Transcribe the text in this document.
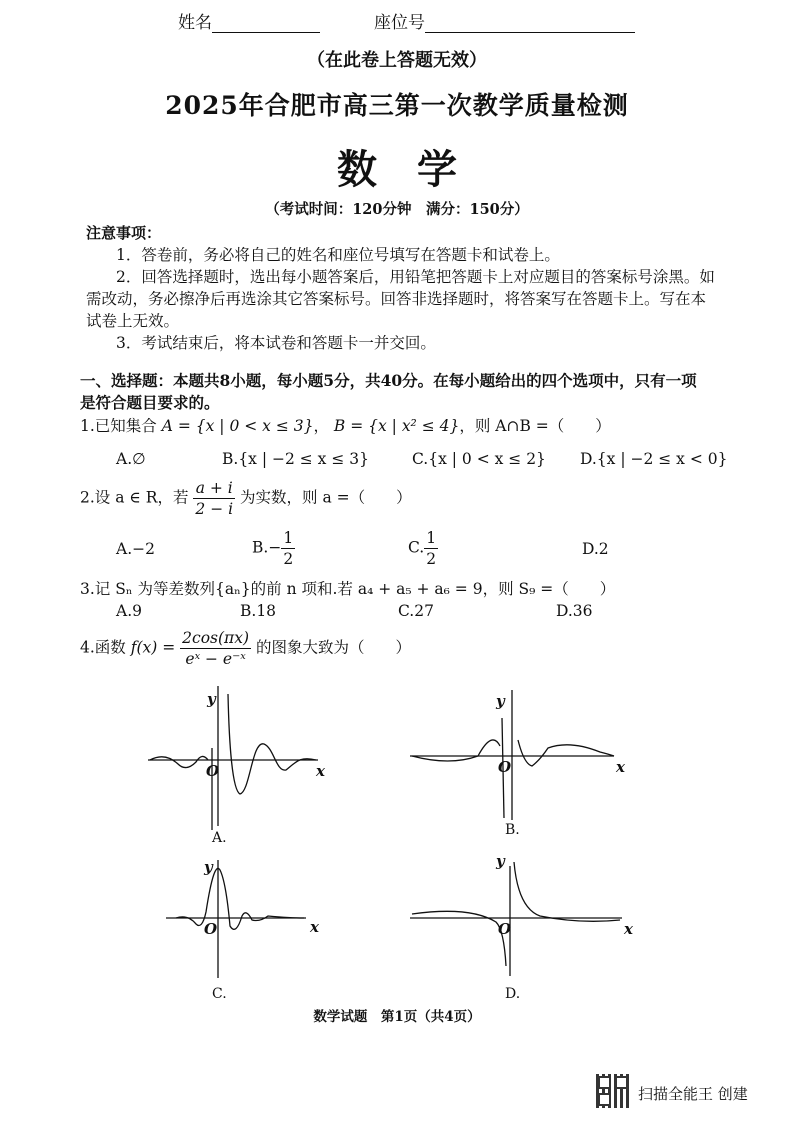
姓名	座位号
（在此卷上答题无效）
2025年合肥市高三第一次教学质量检测
数学
（考试时间：120分钟　满分：150分）
注意事项：
1．答卷前，务必将自己的姓名和座位号填写在答题卡和试卷上。
2．回答选择题时，选出每小题答案后，用铅笔把答题卡上对应题目的答案标号涂黑。如
需改动，务必擦净后再选涂其它答案标号。回答非选择题时，将答案写在答题卡上。写在本
试卷上无效。
3．考试结束后，将本试卷和答题卡一并交回。
一、选择题：本题共8小题，每小题5分，共40分。在每小题给出的四个选项中，只有一项
是符合题目要求的。
1.已知集合 A = {x | 0 < x ≤ 3}， B = {x | x² ≤ 4}，则 A∩B =（　　）
A.∅	B.{x | −2 ≤ x ≤ 3}	C.{x | 0 < x ≤ 2} D.{x | −2 ≤ x < 0}
2.设 a ∈ R，若 $\frac{a + i}{2 - i}$ 为实数，则 a =（　　）
A.−2	$B.- \frac{1}{2}$	C. $\frac{1}{2}$	D.2
3.记 Sₙ 为等差数列{aₙ}的前 n 项和.若 a₄ + a₅ + a₆ = 9，则 S₉ =（　　）
A.9	B.18	C.27	D.36
4.函数 $f(x) = \frac{2\cos(\pi x)}{\text{eˣ − e⁻ˣ}}$ 的图象大致为（　　）
y
x
O
y
x
O
y
x
O
y
x
O
A.	B.
C.	D.
数学试题　第1页（共4页）
扫描全能王 创建
